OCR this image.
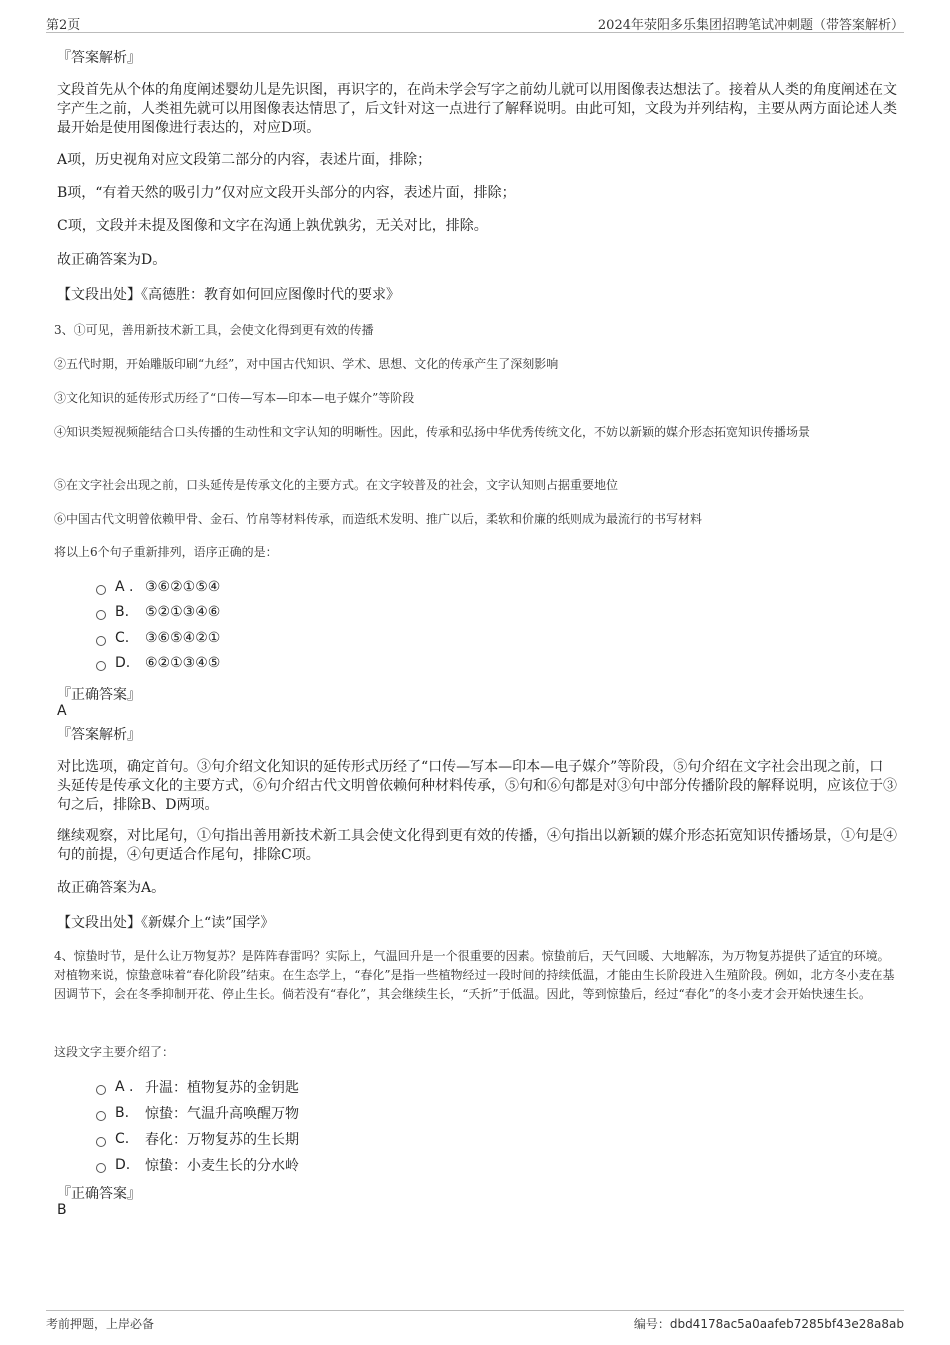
第2页	2024年荥阳多乐集团招聘笔试冲刺题（带答案解析）
『答案解析』
文段首先从个体的角度阐述婴幼儿是先识图，再识字的，在尚未学会写字之前幼儿就可以用图像表达想法了。接着从人类的角度阐述在文字产生之前，人类祖先就可以用图像表达情思了，后文针对这一点进行了解释说明。由此可知，文段为并列结构，主要从两方面论述人类最开始是使用图像进行表达的，对应D项。
A项，历史视角对应文段第二部分的内容，表述片面，排除；
B项，“有着天然的吸引力”仅对应文段开头部分的内容，表述片面，排除；
C项，文段并未提及图像和文字在沟通上孰优孰劣，无关对比，排除。
故正确答案为D。
【文段出处】《高德胜：教育如何回应图像时代的要求》
3、①可见，善用新技术新工具，会使文化得到更有效的传播
②五代时期，开始雕版印刷“九经”，对中国古代知识、学术、思想、文化的传承产生了深刻影响
③文化知识的延传形式历经了“口传—写本—印本—电子媒介”等阶段
④知识类短视频能结合口头传播的生动性和文字认知的明晰性。因此，传承和弘扬中华优秀传统文化，不妨以新颖的媒介形态拓宽知识传播场景
⑤在文字社会出现之前，口头延传是传承文化的主要方式。在文字较普及的社会，文字认知则占据重要地位
⑥中国古代文明曾依赖甲骨、金石、竹帛等材料传承，而造纸术发明、推广以后，柔软和价廉的纸则成为最流行的书写材料
将以上6个句子重新排列，语序正确的是：
A . ③⑥②①⑤④
B.	⑤②①③④⑥
C.	③⑥⑤④②①
D.	⑥②①③④⑤
『正确答案』
A
『答案解析』
对比选项，确定首句。③句介绍文化知识的延传形式历经了“口传—写本—印本—电子媒介”等阶段，⑤句介绍在文字社会出现之前，口头延传是传承文化的主要方式，⑥句介绍古代文明曾依赖何种材料传承，⑤句和⑥句都是对③句中部分传播阶段的解释说明，应该位于③句之后，排除B、D两项。
继续观察，对比尾句，①句指出善用新技术新工具会使文化得到更有效的传播，④句指出以新颖的媒介形态拓宽知识传播场景，①句是④句的前提，④句更适合作尾句，排除C项。
故正确答案为A。
【文段出处】《新媒介上“读”国学》
4、惊蛰时节，是什么让万物复苏？是阵阵春雷吗？实际上，气温回升是一个很重要的因素。惊蛰前后，天气回暖、大地解冻，为万物复苏提供了适宜的环境。对植物来说，惊蛰意味着“春化阶段”结束。在生态学上，“春化”是指一些植物经过一段时间的持续低温，才能由生长阶段进入生殖阶段。例如，北方冬小麦在基因调节下，会在冬季抑制开花、停止生长。倘若没有“春化”，其会继续生长，“夭折”于低温。因此，等到惊蛰后，经过“春化”的冬小麦才会开始快速生长。
这段文字主要介绍了：
A . 升温：植物复苏的金钥匙
B.	惊蛰：气温升高唤醒万物
C.	春化：万物复苏的生长期
D.	惊蛰：小麦生长的分水岭
『正确答案』
B
考前押题，上岸必备	编号：dbd4178ac5a0aafeb7285bf43e28a8ab
